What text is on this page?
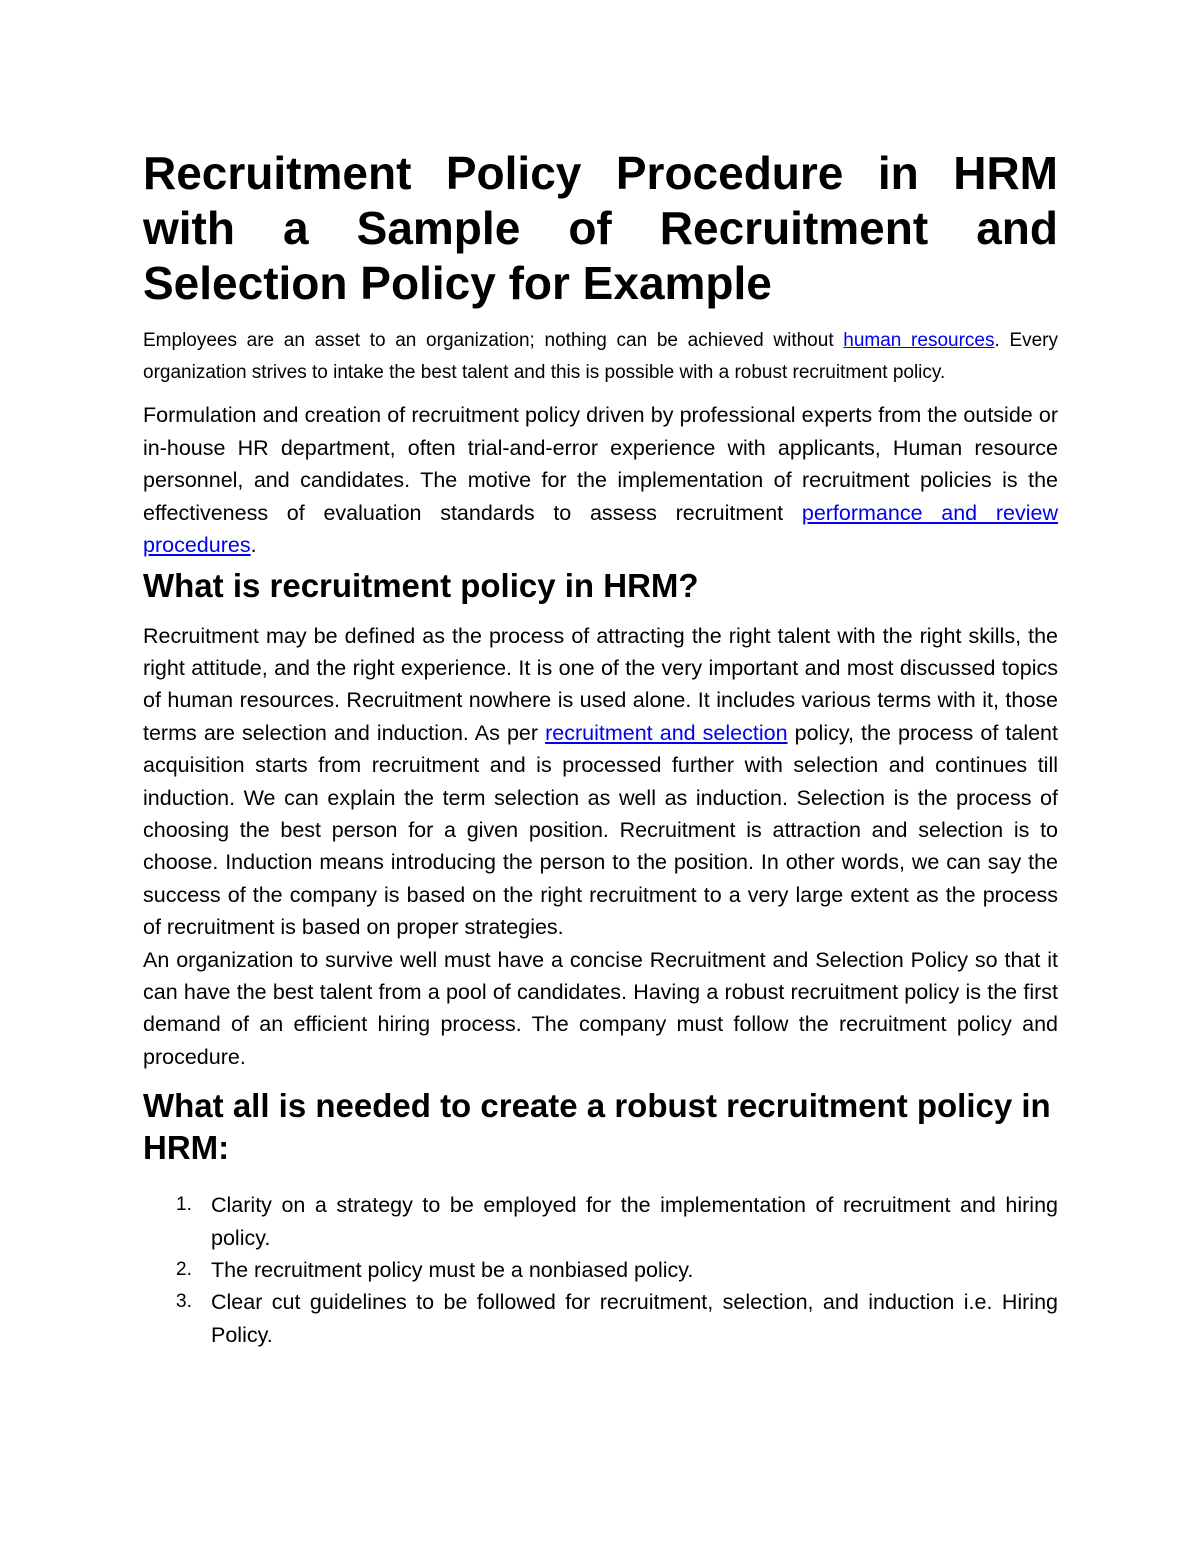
Recruitment Policy Procedure in HRM with a Sample of Recruitment and Selection Policy for Example

Employees are an asset to an organization; nothing can be achieved without human resources. Every organization strives to intake the best talent and this is possible with a robust recruitment policy.

Formulation and creation of recruitment policy driven by professional experts from the outside or in-house HR department, often trial-and-error experience with applicants, Human resource personnel, and candidates. The motive for the implementation of recruitment policies is the effectiveness of evaluation standards to assess recruitment performance and review procedures.

What is recruitment policy in HRM?

Recruitment may be defined as the process of attracting the right talent with the right skills, the right attitude, and the right experience. It is one of the very important and most discussed topics of human resources. Recruitment nowhere is used alone. It includes various terms with it, those terms are selection and induction. As per recruitment and selection policy, the process of talent acquisition starts from recruitment and is processed further with selection and continues till induction. We can explain the term selection as well as induction. Selection is the process of choosing the best person for a given position. Recruitment is attraction and selection is to choose. Induction means introducing the person to the position. In other words, we can say the success of the company is based on the right recruitment to a very large extent as the process of recruitment is based on proper strategies.

An organization to survive well must have a concise Recruitment and Selection Policy so that it can have the best talent from a pool of candidates. Having a robust recruitment policy is the first demand of an efficient hiring process. The company must follow the recruitment policy and procedure.

What all is needed to create a robust recruitment policy in HRM:
1. Clarity on a strategy to be employed for the implementation of recruitment and hiring policy.
2. The recruitment policy must be a nonbiased policy.
3. Clear cut guidelines to be followed for recruitment, selection, and induction i.e. Hiring Policy.
